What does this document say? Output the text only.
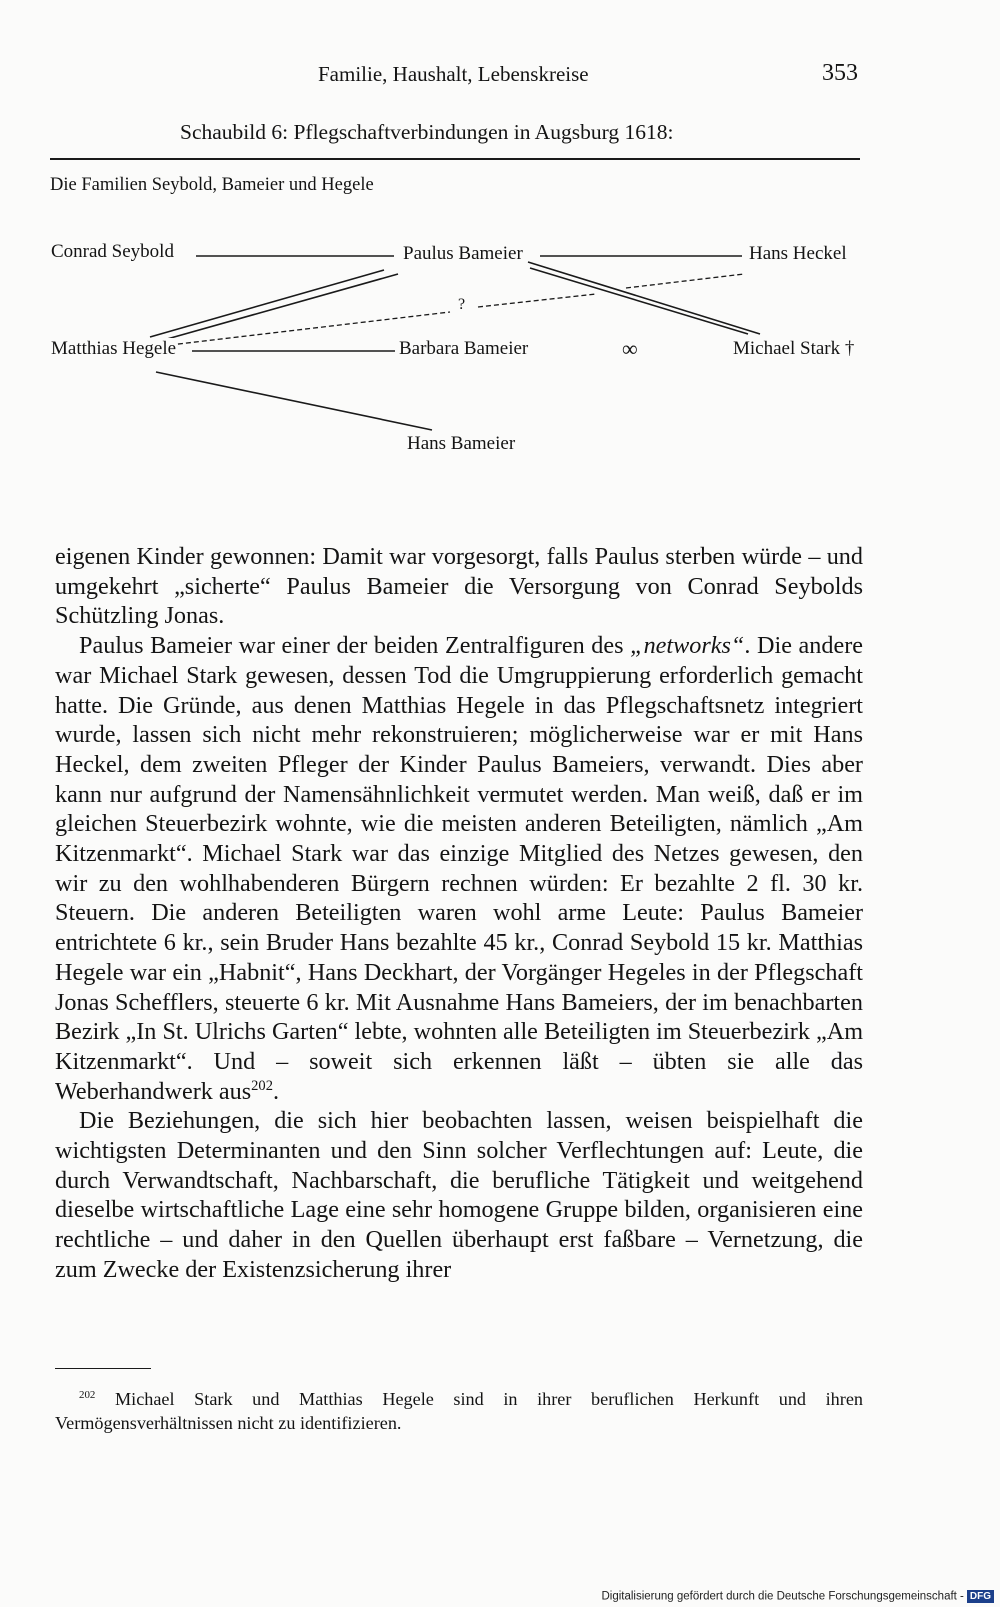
Familie, Haushalt, Lebenskreise	353
Schaubild 6: Pflegschaftverbindungen in Augsburg 1618:
Die Familien Seybold, Bameier und Hegele
Conrad Seybold	Paulus Bameier	Hans Heckel
?
Matthias Hegele	Barbara Bameier	∞	Michael Stark †
Hans Bameier

eigenen Kinder gewonnen: Damit war vorgesorgt, falls Paulus sterben würde – und umgekehrt „sicherte“ Paulus Bameier die Versorgung von Conrad Seybolds Schützling Jonas.

Paulus Bameier war einer der beiden Zentralfiguren des „networks“. Die andere war Michael Stark gewesen, dessen Tod die Umgruppierung erforderlich gemacht hatte. Die Gründe, aus denen Matthias Hegele in das Pflegschaftsnetz integriert wurde, lassen sich nicht mehr rekonstruieren; möglicherweise war er mit Hans Heckel, dem zweiten Pfleger der Kinder Paulus Bameiers, verwandt. Dies aber kann nur aufgrund der Namensähnlichkeit vermutet werden. Man weiß, daß er im gleichen Steuerbezirk wohnte, wie die meisten anderen Beteiligten, nämlich „Am Kitzenmarkt“. Michael Stark war das einzige Mitglied des Netzes gewesen, den wir zu den wohlhabenderen Bürgern rechnen würden: Er bezahlte 2 fl. 30 kr. Steuern. Die anderen Beteiligten waren wohl arme Leute: Paulus Bameier entrichtete 6 kr., sein Bruder Hans bezahlte 45 kr., Conrad Seybold 15 kr. Matthias Hegele war ein „Habnit“, Hans Deckhart, der Vorgänger Hegeles in der Pflegschaft Jonas Schefflers, steuerte 6 kr. Mit Ausnahme Hans Bameiers, der im benachbarten Bezirk „In St. Ulrichs Garten“ lebte, wohnten alle Beteiligten im Steuerbezirk „Am Kitzenmarkt“. Und – soweit sich erkennen läßt – übten sie alle das Weberhandwerk aus$^{202}$.

Die Beziehungen, die sich hier beobachten lassen, weisen beispielhaft die wichtigsten Determinanten und den Sinn solcher Verflechtungen auf: Leute, die durch Verwandtschaft, Nachbarschaft, die berufliche Tätigkeit und weitgehend dieselbe wirtschaftliche Lage eine sehr homogene Gruppe bilden, organisieren eine rechtliche – und daher in den Quellen überhaupt erst faßbare – Vernetzung, die zum Zwecke der Existenzsicherung ihrer

$^{202}$ Michael Stark und Matthias Hegele sind in ihrer beruflichen Herkunft und ihren Vermögensverhältnissen nicht zu identifizieren.
Digitalisierung gefördert durch die Deutsche Forschungsgemeinschaft - DFG
